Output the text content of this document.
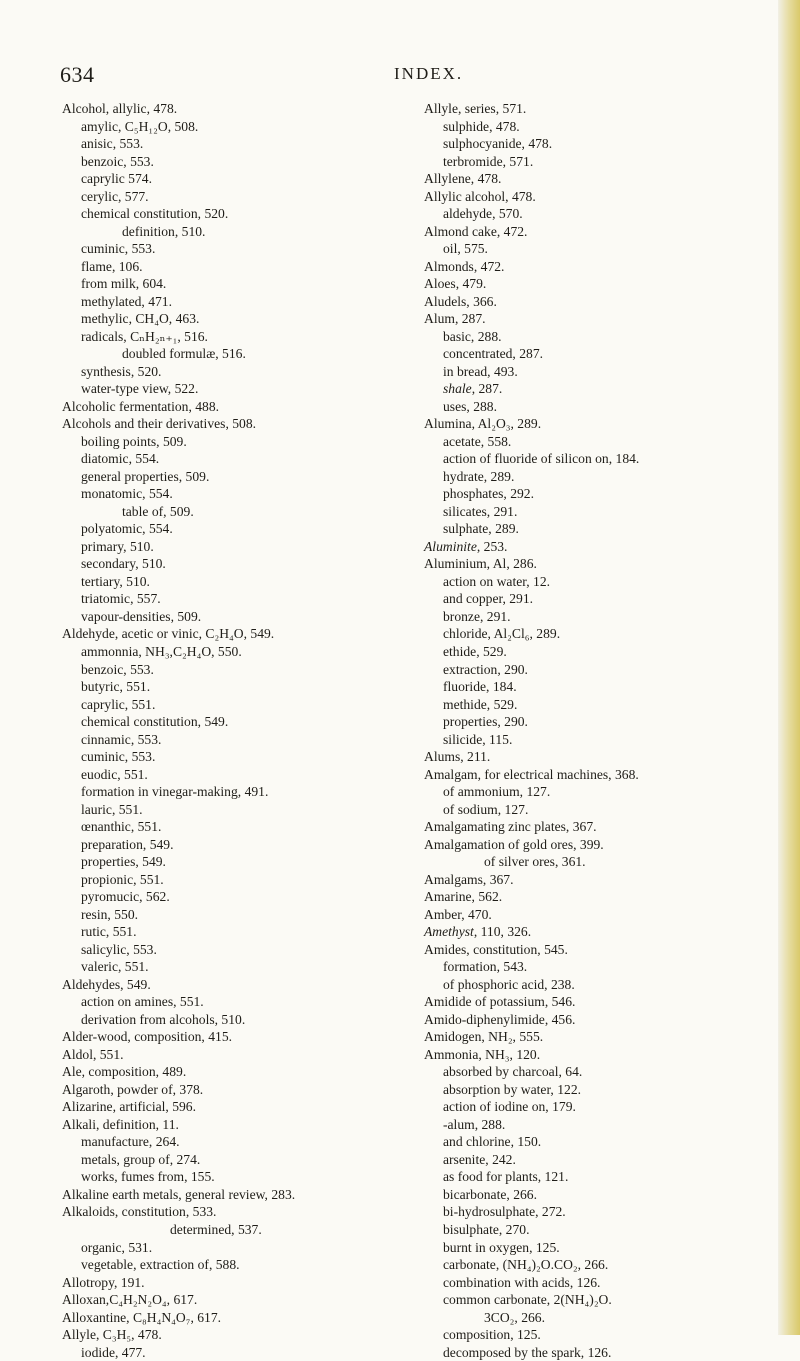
634	INDEX.
Alcohol, allylic, 478.
amylic, C₅H₁₂O, 508.
anisic, 553.
benzoic, 553.
caprylic 574.
cerylic, 577.
chemical constitution, 520.
definition, 510.
cuminic, 553.
flame, 106.
from milk, 604.
methylated, 471.
methylic, CH₄O, 463.
radicals, CₙH₂ₙ₊₁, 516.
doubled formulæ, 516.
synthesis, 520.
water-type view, 522.
Alcoholic fermentation, 488.
Alcohols and their derivatives, 508.
boiling points, 509.
diatomic, 554.
general properties, 509.
monatomic, 554.
table of, 509.
polyatomic, 554.
primary, 510.
secondary, 510.
tertiary, 510.
triatomic, 557.
vapour-densities, 509.
Aldehyde, acetic or vinic, C₂H₄O, 549.
ammonnia, NH₃,C₂H₄O, 550.
benzoic, 553.
butyric, 551.
caprylic, 551.
chemical constitution, 549.
cinnamic, 553.
cuminic, 553.
euodic, 551.
formation in vinegar-making, 491.
lauric, 551.
œnanthic, 551.
preparation, 549.
properties, 549.
propionic, 551.
pyromucic, 562.
resin, 550.
rutic, 551.
salicylic, 553.
valeric, 551.
Aldehydes, 549.
action on amines, 551.
derivation from alcohols, 510.
Alder-wood, composition, 415.
Aldol, 551.
Ale, composition, 489.
Algaroth, powder of, 378.
Alizarine, artificial, 596.
Alkali, definition, 11.
manufacture, 264.
metals, group of, 274.
works, fumes from, 155.
Alkaline earth metals, general review, 283.
Alkaloids, constitution, 533.
determined, 537.
organic, 531.
vegetable, extraction of, 588.
Allotropy, 191.
Alloxan,C₄H₂N₂O₄, 617.
Alloxantine, C₈H₄N₄O₇, 617.
Allyle, C₃H₅, 478.
iodide, 477.
Allyle, series, 571.
sulphide, 478.
sulphocyanide, 478.
terbromide, 571.
Allylene, 478.
Allylic alcohol, 478.
aldehyde, 570.
Almond cake, 472.
oil, 575.
Almonds, 472.
Aloes, 479.
Aludels, 366.
Alum, 287.
basic, 288.
concentrated, 287.
in bread, 493.
shale, 287.
uses, 288.
Alumina, Al₂O₃, 289.
acetate, 558.
action of fluoride of silicon on, 184.
hydrate, 289.
phosphates, 292.
silicates, 291.
sulphate, 289.
Aluminite, 253.
Aluminium, Al, 286.
action on water, 12.
and copper, 291.
bronze, 291.
chloride, Al₂Cl₆, 289.
ethide, 529.
extraction, 290.
fluoride, 184.
methide, 529.
properties, 290.
silicide, 115.
Alums, 211.
Amalgam, for electrical machines, 368.
of ammonium, 127.
of sodium, 127.
Amalgamating zinc plates, 367.
Amalgamation of gold ores, 399.
of silver ores, 361.
Amalgams, 367.
Amarine, 562.
Amber, 470.
Amethyst, 110, 326.
Amides, constitution, 545.
formation, 543.
of phosphoric acid, 238.
Amidide of potassium, 546.
Amido-diphenylimide, 456.
Amidogen, NH₂, 555.
Ammonia, NH₃, 120.
absorbed by charcoal, 64.
absorption by water, 122.
action of iodine on, 179.
-alum, 288.
and chlorine, 150.
arsenite, 242.
as food for plants, 121.
bicarbonate, 266.
bi-hydrosulphate, 272.
bisulphate, 270.
burnt in oxygen, 125.
carbonate, (NH₄)₂O.CO₂, 266.
combination with acids, 126.
common carbonate, 2(NH₄)₂O.
3CO₂, 266.
composition, 125.
decomposed by the spark, 126.
